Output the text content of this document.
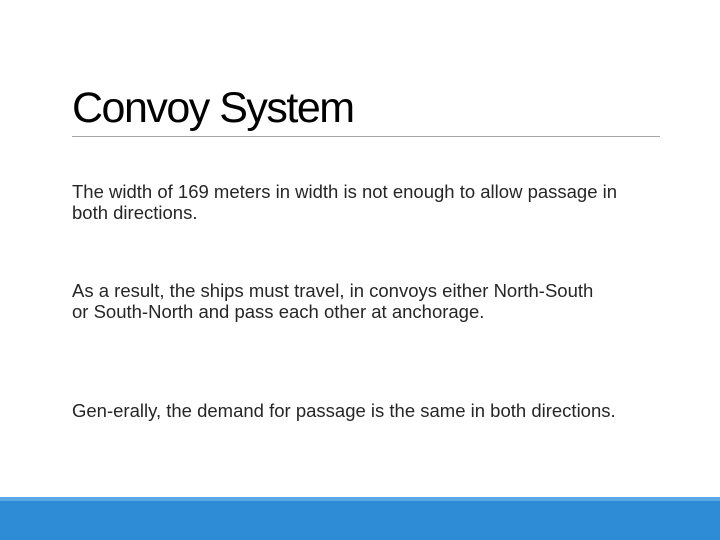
Convoy System

The width of 169 meters in width is not enough to allow passage in both directions.

As a result, the ships must travel, in convoys either North‐South or South‐North and pass each other at anchorage.

Gen-erally, the demand for passage is the same in both directions.
